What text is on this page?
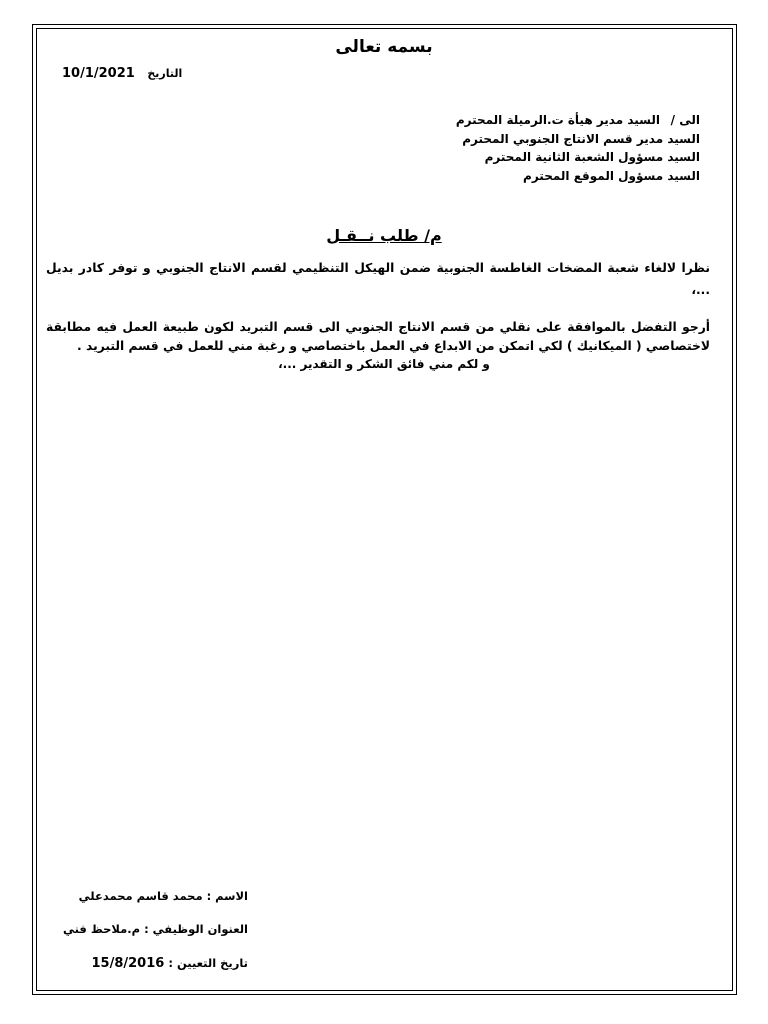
بسمه تعالى
10/1/2021 التاريخ
الى /السيد مدير هيأة ت.الرميلة المحترم
السيد مدير قسم الانتاج الجنوبي المحترم
السيد مسؤول الشعبة الثانية المحترم
السيد مسؤول الموقع المحترم
م/ طلب نــقـل
نظرا لالغاء شعبة المضخات الغاطسة الجنوبية ضمن الهيكل التنظيمي لقسم الانتاج الجنوبي و توفر كادر بديل ...،
أرجو التفضل بالموافقة على نقلي من قسم الانتاج الجنوبي الى قسم التبريد لكون طبيعة العمل فيه مطابقة لاختصاصي ( الميكانيك ) لكي اتمكن من الابداع في العمل باختصاصي و رغبة مني للعمل في قسم التبريد .
و لكم مني فائق الشكر و التقدير ...،
الاسم : محمد قاسم محمدعلي
العنوان الوظيفي : م.ملاحظ فني
تاريخ التعيين : 15/8/2016
